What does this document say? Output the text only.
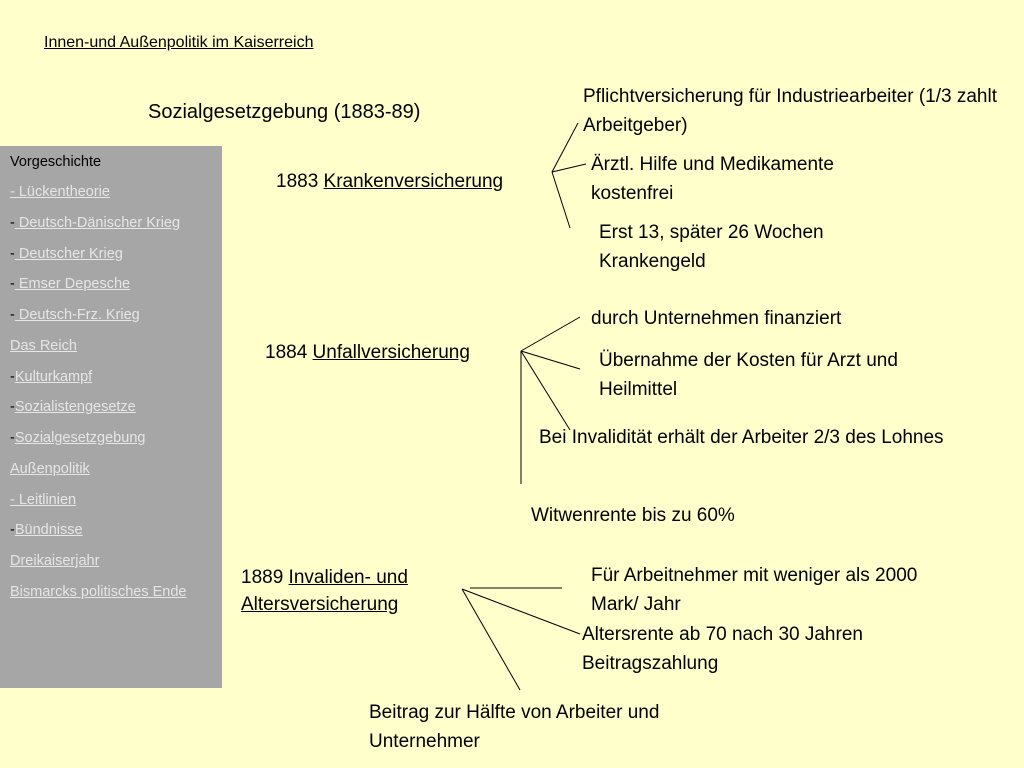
Innen-und Außenpolitik im Kaiserreich
Sozialgesetzgebung (1883-89)
Vorgeschichte
- Lückentheorie
- Deutsch-Dänischer Krieg
- Deutscher Krieg
- Emser Depesche
- Deutsch-Frz. Krieg
Das Reich
-Kulturkampf
-Sozialistengesetze
-Sozialgesetzgebung
Außenpolitik
- Leitlinien
-Bündnisse
Dreikaiserjahr
Bismarcks politisches Ende
1883 Krankenversicherung
Pflichtversicherung für Industriearbeiter (1/3 zahlt Arbeitgeber)
Ärztl. Hilfe und Medikamente kostenfrei
Erst 13, später 26 Wochen Krankengeld
1884 Unfallversicherung
durch Unternehmen finanziert
Übernahme der Kosten für Arzt und Heilmittel
Bei Invalidität erhält der Arbeiter 2/3 des Lohnes
Witwenrente bis zu 60%
1889 Invaliden- und
Altersversicherung
Für Arbeitnehmer mit weniger als 2000 Mark/ Jahr
Altersrente ab 70 nach 30 Jahren Beitragszahlung
Beitrag zur Hälfte von Arbeiter und Unternehmer
